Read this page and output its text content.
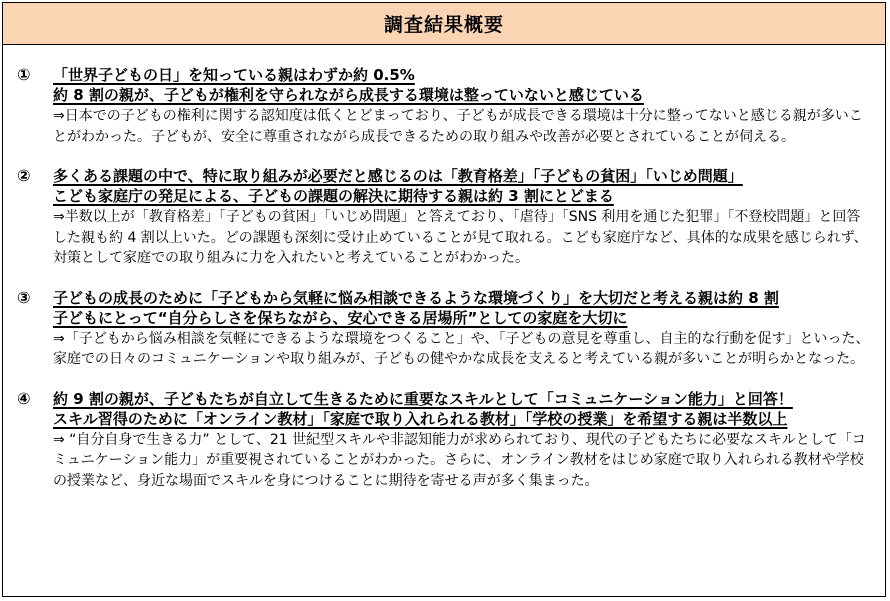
調査結果概要
①	「世界子どもの日」を知っている親はわずか約 0.5%
約 8 割の親が、子どもが権利を守られながら成長する環境は整っていないと感じている
⇒日本での子どもの権利に関する認知度は低くとどまっており、子どもが成長できる環境は十分に整ってないと感じる親が多いことがわかった。子どもが、安全に尊重されながら成長できるための取り組みや改善が必要とされていることが伺える。
②	多くある課題の中で、特に取り組みが必要だと感じるのは「教育格差」「子どもの貧困」「いじめ問題」
こども家庭庁の発足による、子どもの課題の解決に期待する親は約 3 割にとどまる
⇒半数以上が「教育格差」「子どもの貧困」「いじめ問題」と答えており、「虐待」「SNS 利用を通じた犯罪」「不登校問題」と回答した親も約 4 割以上いた。どの課題も深刻に受け止めていることが見て取れる。こども家庭庁など、具体的な成果を感じられず、対策として家庭での取り組みに力を入れたいと考えていることがわかった。
③	子どもの成長のために「子どもから気軽に悩み相談できるような環境づくり」を大切だと考える親は約 8 割
子どもにとって“自分らしさを保ちながら、安心できる居場所”としての家庭を大切に
⇒「子どもから悩み相談を気軽にできるような環境をつくること」や、「子どもの意見を尊重し、自主的な行動を促す」といった、家庭での日々のコミュニケーションや取り組みが、子どもの健やかな成長を支えると考えている親が多いことが明らかとなった。
④	約 9 割の親が、子どもたちが自立して生きるために重要なスキルとして「コミュニケーション能力」と回答！
スキル習得のために「オンライン教材」「家庭で取り入れられる教材」「学校の授業」を希望する親は半数以上
⇒ “自分自身で生きる力” として、21 世紀型スキルや非認知能力が求められており、現代の子どもたちに必要なスキルとして「コミュニケーション能力」が重要視されていることがわかった。さらに、オンライン教材をはじめ家庭で取り入れられる教材や学校の授業など、身近な場面でスキルを身につけることに期待を寄せる声が多く集まった。
